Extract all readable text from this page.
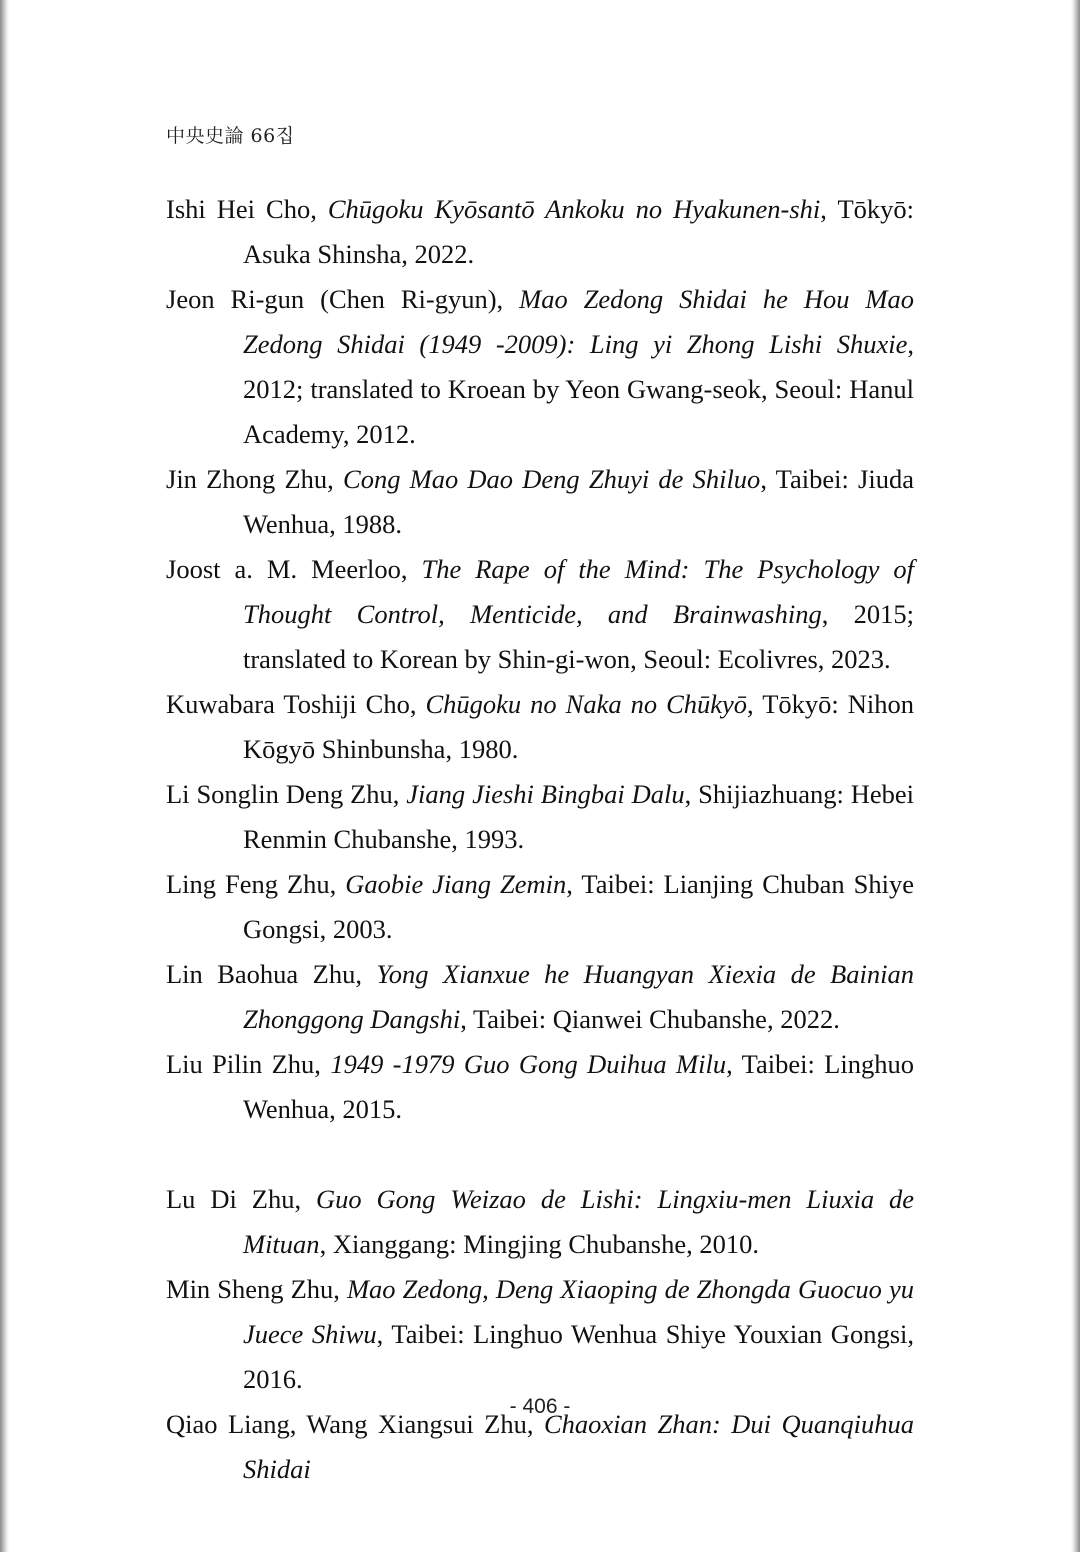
中央史論 66집

Ishi Hei Cho, Chūgoku Kyōsantō Ankoku no Hyakunen-shi, Tōkyō: Asuka Shinsha, 2022.

Jeon Ri-gun (Chen Ri-gyun), Mao Zedong Shidai he Hou Mao Zedong Shidai (1949 -2009): Ling yi Zhong Lishi Shuxie, 2012; translated to Kroean by Yeon Gwang-seok, Seoul: Hanul Academy, 2012.

Jin Zhong Zhu, Cong Mao Dao Deng Zhuyi de Shiluo, Taibei: Jiuda Wenhua, 1988.

Joost a. M. Meerloo, The Rape of the Mind: The Psychology of Thought Control, Menticide, and Brainwashing, 2015; translated to Korean by Shin-gi-won, Seoul: Ecolivres, 2023.

Kuwabara Toshiji Cho, Chūgoku no Naka no Chūkyō, Tōkyō: Nihon Kōgyō Shinbunsha, 1980.

Li Songlin Deng Zhu, Jiang Jieshi Bingbai Dalu, Shijiazhuang: Hebei Renmin Chubanshe, 1993.

Ling Feng Zhu, Gaobie Jiang Zemin, Taibei: Lianjing Chuban Shiye Gongsi, 2003.

Lin Baohua Zhu, Yong Xianxue he Huangyan Xiexia de Bainian Zhonggong Dangshi, Taibei: Qianwei Chubanshe, 2022.

Liu Pilin Zhu, 1949 -1979 Guo Gong Duihua Milu, Taibei: Linghuo Wenhua, 2015.

Lu Di Zhu, Guo Gong Weizao de Lishi: Lingxiu-men Liuxia de Mituan, Xianggang: Mingjing Chubanshe, 2010.

Min Sheng Zhu, Mao Zedong, Deng Xiaoping de Zhongda Guocuo yu Juece Shiwu, Taibei: Linghuo Wenhua Shiye Youxian Gongsi, 2016.

Qiao Liang, Wang Xiangsui Zhu, Chaoxian Zhan: Dui Quanqiuhua Shidai

- 406 -
